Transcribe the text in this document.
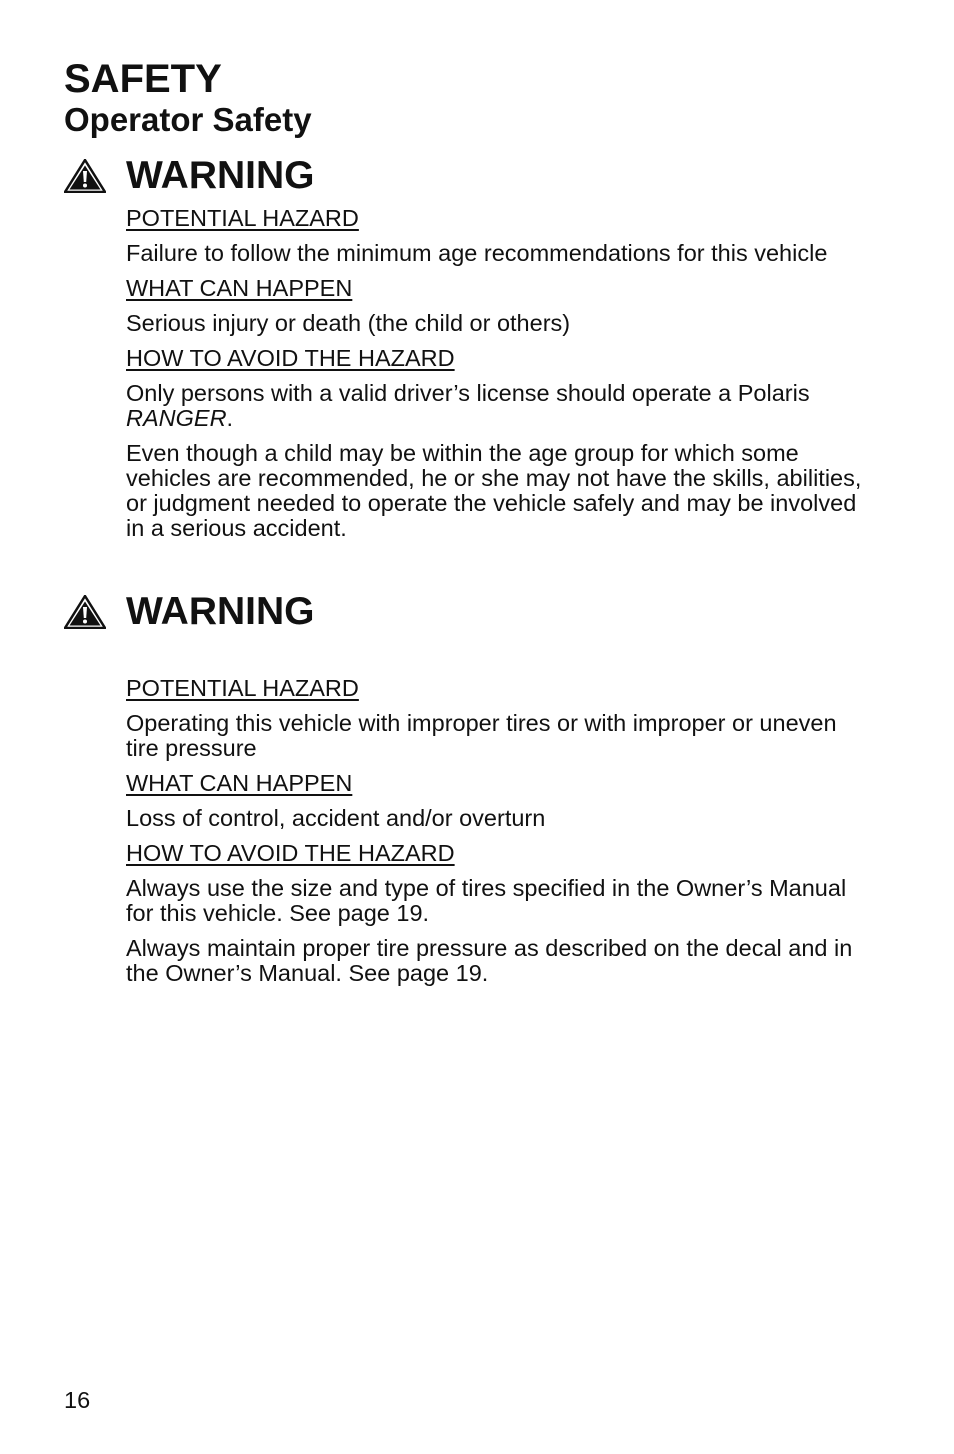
SAFETY
Operator Safety
WARNING

POTENTIAL HAZARD

Failure to follow the minimum age recommendations for this vehicle

WHAT CAN HAPPEN

Serious injury or death (the child or others)

HOW TO AVOID THE HAZARD

Only persons with a valid driver’s license should operate a Polaris RANGER.

Even though a child may be within the age group for which some vehicles are recommended, he or she may not have the skills, abilities, or judgment needed to operate the vehicle safely and may be involved in a serious accident.

WARNING

POTENTIAL HAZARD

Operating this vehicle with improper tires or with improper or uneven tire pressure

WHAT CAN HAPPEN

Loss of control, accident and/or overturn

HOW TO AVOID THE HAZARD

Always use the size and type of tires specified in the Owner’s Manual for this vehicle. See page 19.

Always maintain proper tire pressure as described on the decal and in the Owner’s Manual. See page 19.

16
